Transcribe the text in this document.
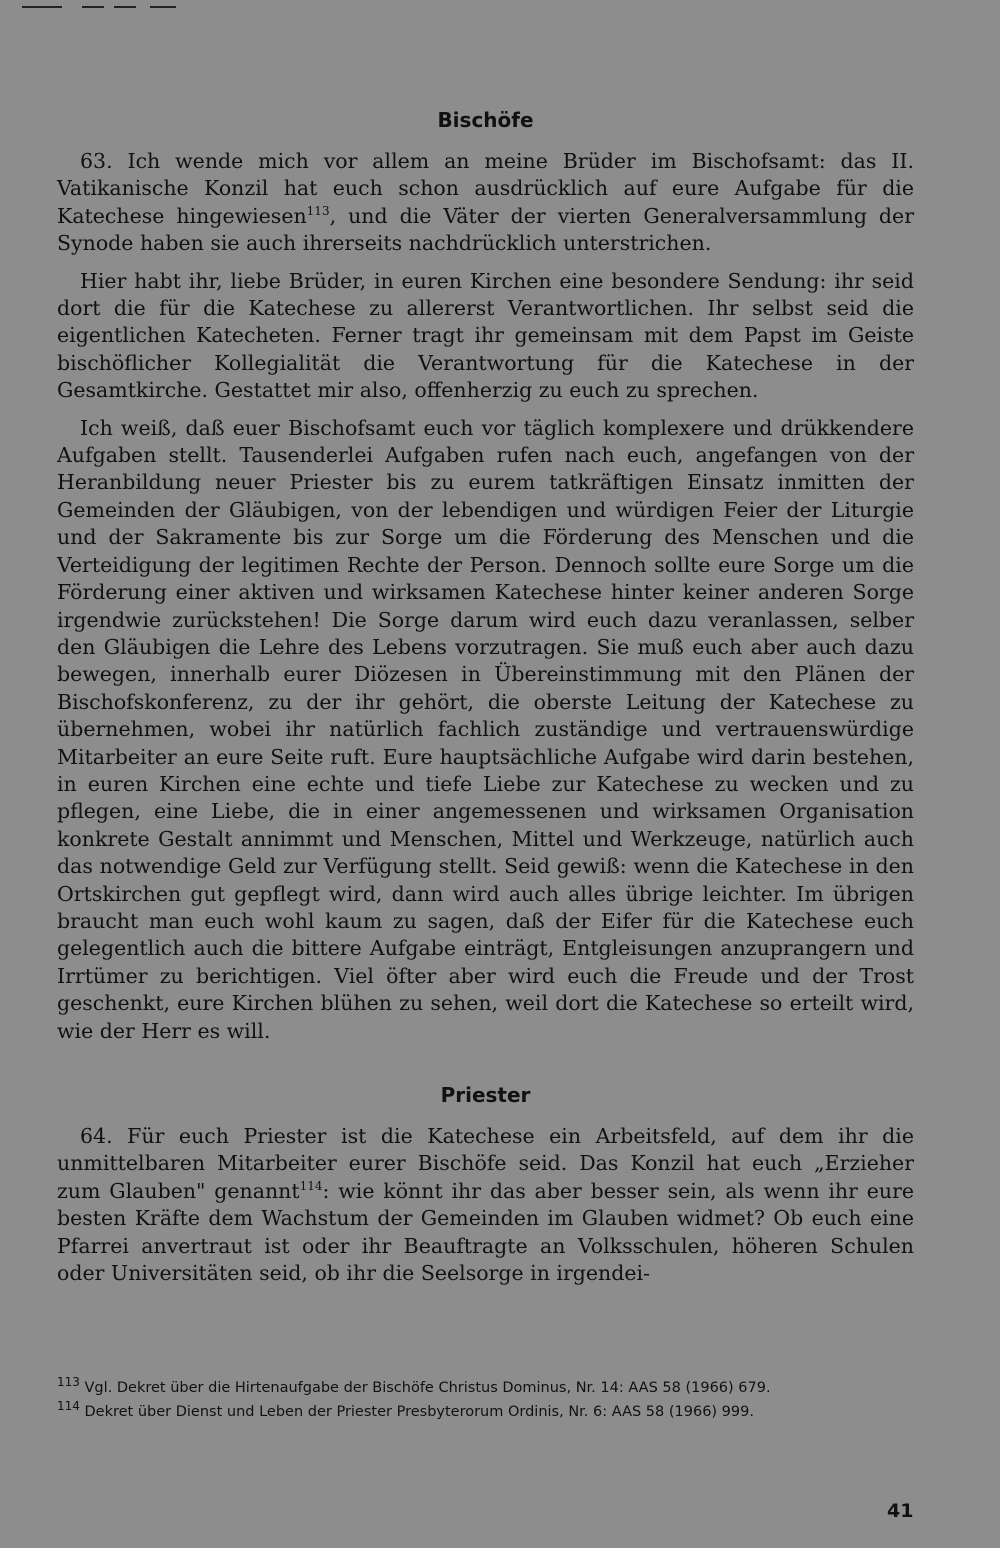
Bischöfe

63. Ich wende mich vor allem an meine Brüder im Bischofsamt: das II. Vatikanische Konzil hat euch schon ausdrücklich auf eure Aufgabe für die Katechese hingewiesen$^{113}$, und die Väter der vierten Generalversammlung der Synode haben sie auch ihrerseits nachdrücklich unterstrichen.

Hier habt ihr, liebe Brüder, in euren Kirchen eine besondere Sendung: ihr seid dort die für die Katechese zu allererst Verantwortlichen. Ihr selbst seid die eigentlichen Katecheten. Ferner tragt ihr gemeinsam mit dem Papst im Geiste bischöflicher Kollegialität die Verantwortung für die Katechese in der Gesamtkirche. Gestattet mir also, offenherzig zu euch zu sprechen.

Ich weiß, daß euer Bischofsamt euch vor täglich komplexere und drükkendere Aufgaben stellt. Tausenderlei Aufgaben rufen nach euch, angefangen von der Heranbildung neuer Priester bis zu eurem tatkräftigen Einsatz inmitten der Gemeinden der Gläubigen, von der lebendigen und würdigen Feier der Liturgie und der Sakramente bis zur Sorge um die Förderung des Menschen und die Verteidigung der legitimen Rechte der Person. Dennoch sollte eure Sorge um die Förderung einer aktiven und wirksamen Katechese hinter keiner anderen Sorge irgendwie zurückstehen! Die Sorge darum wird euch dazu veranlassen, selber den Gläubigen die Lehre des Lebens vorzutragen. Sie muß euch aber auch dazu bewegen, innerhalb eurer Diözesen in Übereinstimmung mit den Plänen der Bischofskonferenz, zu der ihr gehört, die oberste Leitung der Katechese zu übernehmen, wobei ihr natürlich fachlich zuständige und vertrauenswürdige Mitarbeiter an eure Seite ruft. Eure hauptsächliche Aufgabe wird darin bestehen, in euren Kirchen eine echte und tiefe Liebe zur Katechese zu wecken und zu pflegen, eine Liebe, die in einer angemessenen und wirksamen Organisation konkrete Gestalt annimmt und Menschen, Mittel und Werkzeuge, natürlich auch das notwendige Geld zur Verfügung stellt. Seid gewiß: wenn die Katechese in den Ortskirchen gut gepflegt wird, dann wird auch alles übrige leichter. Im übrigen braucht man euch wohl kaum zu sagen, daß der Eifer für die Katechese euch gelegentlich auch die bittere Aufgabe einträgt, Entgleisungen anzuprangern und Irrtümer zu berichtigen. Viel öfter aber wird euch die Freude und der Trost geschenkt, eure Kirchen blühen zu sehen, weil dort die Katechese so erteilt wird, wie der Herr es will.

Priester

64. Für euch Priester ist die Katechese ein Arbeitsfeld, auf dem ihr die unmittelbaren Mitarbeiter eurer Bischöfe seid. Das Konzil hat euch „Erzieher zum Glauben" genannt$^{114}$: wie könnt ihr das aber besser sein, als wenn ihr eure besten Kräfte dem Wachstum der Gemeinden im Glauben widmet? Ob euch eine Pfarrei anvertraut ist oder ihr Beauftragte an Volksschulen, höheren Schulen oder Universitäten seid, ob ihr die Seelsorge in irgendei-

$^{113}$ Vgl. Dekret über die Hirtenaufgabe der Bischöfe Christus Dominus, Nr. 14: AAS 58 (1966) 679.

$^{114}$ Dekret über Dienst und Leben der Priester Presbyterorum Ordinis, Nr. 6: AAS 58 (1966) 999.

41
